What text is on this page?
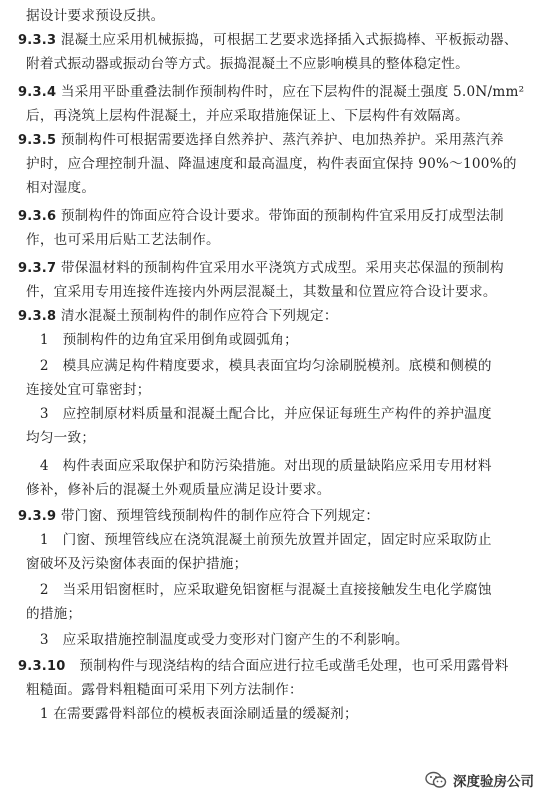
据设计要求预设反拱。
9.3.3 混凝土应采用机械振捣，可根据工艺要求选择插入式振捣棒、平板振动器、
附着式振动器或振动台等方式。振捣混凝土不应影响模具的整体稳定性。
9.3.4 当采用平卧重叠法制作预制构件时，应在下层构件的混凝土强度 5.0N/mm²
后，再浇筑上层构件混凝土，并应采取措施保证上、下层构件有效隔离。
9.3.5 预制构件可根据需要选择自然养护、蒸汽养护、电加热养护。采用蒸汽养
护时，应合理控制升温、降温速度和最高温度，构件表面宜保持 90%～100%的
相对湿度。
9.3.6 预制构件的饰面应符合设计要求。带饰面的预制构件宜采用反打成型法制
作，也可采用后贴工艺法制作。
9.3.7 带保温材料的预制构件宜采用水平浇筑方式成型。采用夹芯保温的预制构
件，宜采用专用连接件连接内外两层混凝土，其数量和位置应符合设计要求。
9.3.8 清水混凝土预制构件的制作应符合下列规定：
　1　预制构件的边角宜采用倒角或圆弧角；
　2　模具应满足构件精度要求，模具表面宜均匀涂刷脱模剂。底模和侧模的
连接处宜可靠密封；
　3　应控制原材料质量和混凝土配合比，并应保证每班生产构件的养护温度
均匀一致；
　4　构件表面应采取保护和防污染措施。对出现的质量缺陷应采用专用材料
修补，修补后的混凝土外观质量应满足设计要求。
9.3.9 带门窗、预埋管线预制构件的制作应符合下列规定：
　1　门窗、预埋管线应在浇筑混凝土前预先放置并固定，固定时应采取防止
窗破坏及污染窗体表面的保护措施；
　2　当采用铝窗框时，应采取避免铝窗框与混凝土直接接触发生电化学腐蚀
的措施；
　3　应采取措施控制温度或受力变形对门窗产生的不利影响。
9.3.10　预制构件与现浇结构的结合面应进行拉毛或凿毛处理，也可采用露骨料
粗糙面。露骨料粗糙面可采用下列方法制作：
　1 在需要露骨料部位的模板表面涂刷适量的缓凝剂；
深度验房公司
